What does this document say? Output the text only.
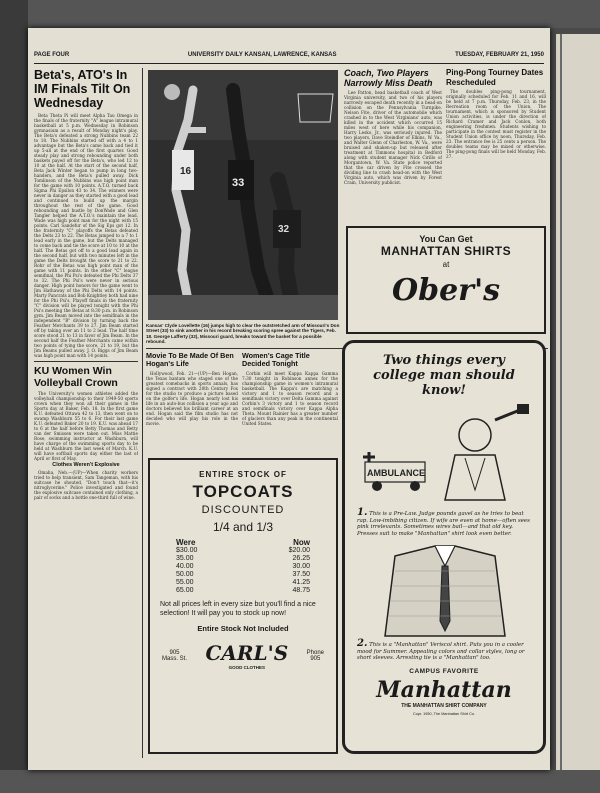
PAGE FOUR	UNIVERSITY DAILY KANSAN, LAWRENCE, KANSAS	TUESDAY, FEBRUARY 21, 1950
Beta's, ATO's In IM Finals Tilt On Wednesday

Beta Theta Pi will meet Alpha Tau Omega in the finals of the fraternity "A" league intramural basketball at 5 p.m. Wednesday in Robinson gymnasium as a result of Monday night's play. The Beta's defeated a strong Nubbins team 22 to 18. The Nubbins started off with a 4 to 1 advantage but the Beta's came back and tied it up 5-all at the end of the first quarter. Good steady play and strong rebounding under both baskets payed off for the Beta's, who led 12 to 10 at the half. At the start of the second half, Beta Jack Winter began to pump in long two-handers, and the Beta's pulled away. Dick Tomlinson of the Nubbins was high point man for the game with 10 points. A.T.O. turned back Sigma Phi Epsilon 43 to 34. The winners were never in danger as they started with a good lead and continued to build up the margin throughout the rest of the game. Good rebounding and hustle by DonWade and Glen Tangler helped the A.T.O.'s maintain the lead. Wade was high point man for the night with 15 points. Carl Sandefur of the Sig Eps got 12. In the fraternity "C" playoffs the Betas defeated the Delts 23 to 22. The Betas jumped to a 7 to 1 lead early in the game, but the Delts managed to come back and tie the score at 10 to 10 at the half. The Betas got off to a good lead again in the second half, but with two minutes left in the game the Delts brought the score to 21 to 22. Rohr of the Betas was high point man of the game with 11 points. In the other "C" league semifinal, the Phi Psi's defeated the Phi Delts 37 to 32. The Phi Psi's were never in serious danger. High point honors for the game went to Jim Hathaway of the Phi Delts with 14 points. Marty Pancrats and Bob Knightley both had nine for the Phi Psi's. Playoff finals in the fraternity "C" division will be played tonight with the Phi Psi's meeting the Betas at 8:30 p.m. in Robinson gym. Jim Beam moved into the semifinals in the independent "B" division by turning back the Feather Merchants 39 to 27. Jim Beam started off by taking over an 11 to 2 lead. The half time score stood 21 to 13 in favor of Jim Beam. In the second half the Feather Merchants came within two points of tying the score, 21 to 19, but the Jim Beams pulled away. J. O. Biggs of Jim Beam was high point man with 14 points.

KU Women Win Volleyball Crown

The University's women athletes added the volleyball championship to their 1949-50 sports crown when they won all their games in the Sports day at Baker, Feb. 18. In the first game K.U. defeated Ottawa 42 to 13, then went on to swamp Washburn 55 to 6. For their last game K.U. defeated Baker 20 to 19. K.U. was ahead 17 to 6 at the half before Betty Thomas and Betty van der Smissen were taken out. Miss Mattie Rose, swimming instructor at Washburn, will have charge of the swimming sports day to be held at Washburn the last week of March. K.U. will have softball sports day either the last of April or first of May.

Clothes Weren't Explosive

Omaha, Neb.—(UP)—When charity workers tried to help transient, Sam Tangeman, with his suitcase he shouted, "Don't touch that—it's nitroglycerine." Police investigated and found the explosive suitcase contained only clothing, a pair of socks and a bottle one-third full of wine.

16
33
32
Kansas' Clyde Lovellette (16) jumps high to clear the outstretched arm of Missouri's Don Street (33) to sink another in his record breaking scoring spree against the Tigers, Feb. 18. George Lafferty (32), Missouri guard, breaks toward the basket for a possible rebound.
Movie To Be Made Of Ben Hogan's Life

Hollywood, Feb. 21—(UP)—Ben Hogan, the Texas bantam who staged one of the greatest comebacks in sports annals, has signed a contract with 20th Century Fox for the studio to produce a picture based on the golfer's life. Hogan nearly lost his life in an auto-bus collision a year ago and doctors believed his brilliant career at an end. Hogan said the film studio has not decided who will play his role in the movie.

Women's Cage Title Decided Tonight

Corbin will meet Kappa Kappa Gamma 7:30 tonight in Robinson annex for the championship game in women's intramural basketball. The Kappa's are matching a victory and 1 to season record and a semifinals victory over Delta Gamma against Corbin's 3 victory and 1 to season record and semifinals victory over Kappa Alpha Theta. Mount Rainier has a greater number of glaciers than any peak in the continental United States.

ENTIRE STOCK OF
TOPCOATS
DISCOUNTED
1/4 and 1/3
Were	Now
$30.00	$20.00
35.00	26.25
40.00	30.00
50.00	37.50
55.00	41.25
65.00	48.75
Not all prices left in every size but you'll find a nice selection! It will pay you to stock up now!
Entire Stock Not Included
905
Mass. St. CARL'S
GOOD CLOTHES
Phone
905
Coach, Two Players Narrowly Miss Death

Lee Patton, head basketball coach of West Virginia university, and two of his players narrowly escaped death recently in a head-on collision on the Pennsylvania Turnpike. Nelson Fite, driver of the automobile which crashed in to the West Virginians' auto, was killed in the accident which occurred 15 miles west of here while his companion, Harry Lesko, Jr., was seriously injured. The two players, Dave Steindler of Elkins, W. Va., and Walter Glenn of Charleston, W. Va., were bruised and shaken-up but released after treatment at Timmons hospital in Bedford along with student manager Nick Cirillo of Morgantown, W. Va. State police reported that the car driven by Fite crossed the dividing line to crash head-on with the West Virginia auto, which was driven by Forest Crain, University publicist.

Ping-Pong Tourney Dates Rescheduled

The doubles ping-pong tournament, originally scheduled for Feb. 11 and 16, will be held at 7 p.m. Thursday, Feb. 23, in the Recreation room of the Union. The tournament, which is sponsored by Student Union activities, is under the direction of Richard Cramer and Jack Conlon, both engineering freshmen. Students wishing to participate in the contest must register in the Student Union office by noon, Thursday, Feb. 23. The entrance fee is 25 cents a person. The doubles teams may be mixed or otherwise. The ping-pong finals will be held Monday, Feb. 27.

You Can Get
MANHATTAN SHIRTS
at
Ober's
Two things every college man should know!
AMBULANCE
1. This is a Pre-Law. Judge pounds gavel as he tries to beat rap. Low-imbibing citizen. If wife are even at home—often sees pink irrelevants. Sometimes wires bail—and that old key. Presses suit to make "Manhattan" shirt look even better.
2. This is a "Manhattan" Veriscol shirt. Puts you in a cooler mood for Summer. Appealing colors and collar styles, long or short sleeves. Arresting tie is a "Manhattan" too.
CAMPUS FAVORITE
Manhattan
THE MANHATTAN SHIRT COMPANY
Copr. 1950, The Manhattan Shirt Co.
